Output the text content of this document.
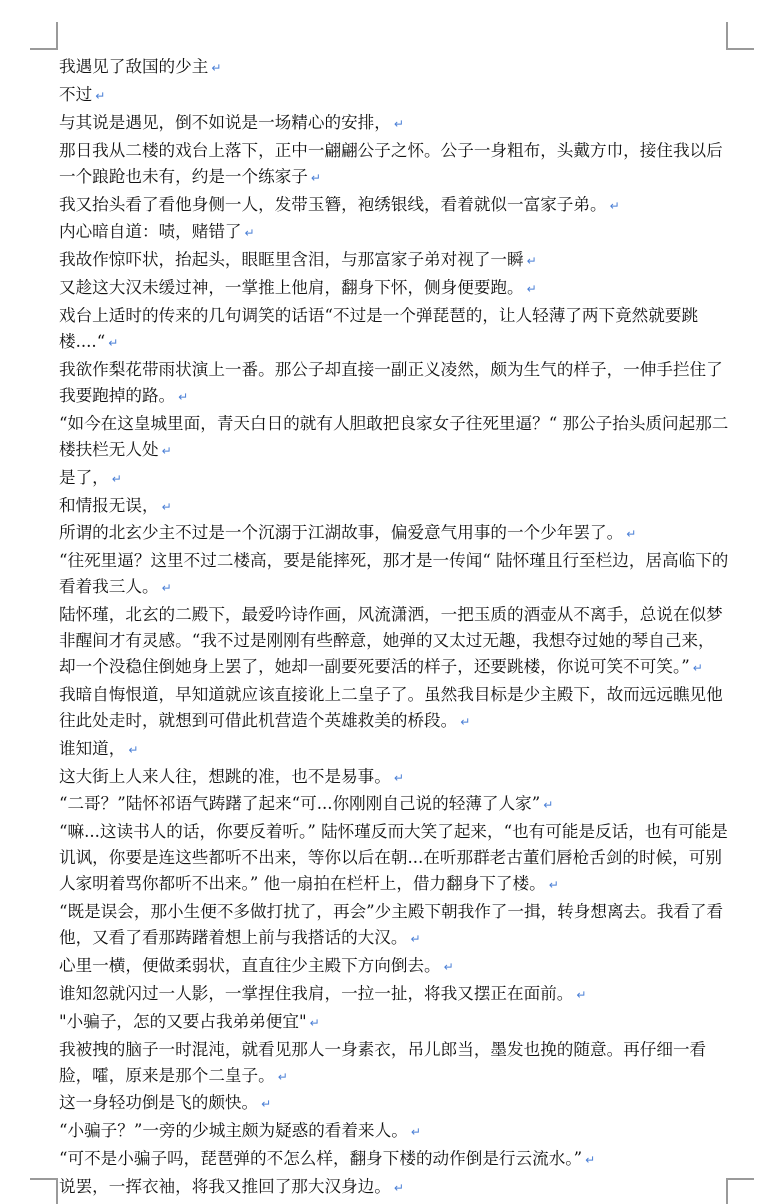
我遇见了敌国的少主 ↵

不过 ↵

与其说是遇见，倒不如说是一场精心的安排， ↵

那日我从二楼的戏台上落下，正中一翩翩公子之怀。公子一身粗布，头戴方巾，接住我以后一个踉跄也未有，约是一个练家子 ↵

我又抬头看了看他身侧一人，发带玉簪，袍绣银线，看着就似一富家子弟。 ↵

内心暗自道：啧，赌错了 ↵

我故作惊吓状，抬起头，眼眶里含泪，与那富家子弟对视了一瞬 ↵

又趁这大汉未缓过神，一掌推上他肩，翻身下怀，侧身便要跑。 ↵

戏台上适时的传来的几句调笑的话语“不过是一个弹琵琶的，让人轻薄了两下竟然就要跳楼....“ ↵

我欲作梨花带雨状演上一番。那公子却直接一副正义凌然，颇为生气的样子，一伸手拦住了我要跑掉的路。 ↵

“如今在这皇城里面，青天白日的就有人胆敢把良家女子往死里逼？“ 那公子抬头质问起那二楼扶栏无人处 ↵

是了， ↵

和情报无误， ↵

所谓的北玄少主不过是一个沉溺于江湖故事，偏爱意气用事的一个少年罢了。 ↵

“往死里逼？这里不过二楼高，要是能摔死，那才是一传闻“ 陆怀瑾且行至栏边，居高临下的看着我三人。 ↵

陆怀瑾，北玄的二殿下，最爱吟诗作画，风流潇洒，一把玉质的酒壶从不离手，总说在似梦非醒间才有灵感。“我不过是刚刚有些醉意，她弹的又太过无趣，我想夺过她的琴自己来，却一个没稳住倒她身上罢了，她却一副要死要活的样子，还要跳楼，你说可笑不可笑。” ↵

我暗自悔恨道，早知道就应该直接讹上二皇子了。虽然我目标是少主殿下，故而远远瞧见他往此处走时，就想到可借此机营造个英雄救美的桥段。 ↵

谁知道， ↵

这大街上人来人往，想跳的准，也不是易事。 ↵

“二哥？”陆怀祁语气踌躇了起来“可...你刚刚自己说的轻薄了人家” ↵

“嘛...这读书人的话，你要反着听。” 陆怀瑾反而大笑了起来，“也有可能是反话，也有可能是讥讽，你要是连这些都听不出来，等你以后在朝...在听那群老古董们唇枪舌剑的时候，可别人家明着骂你都听不出来。” 他一扇拍在栏杆上，借力翻身下了楼。 ↵

“既是误会，那小生便不多做打扰了，再会”少主殿下朝我作了一揖，转身想离去。我看了看他，又看了看那踌躇着想上前与我搭话的大汉。 ↵

心里一横，便做柔弱状，直直往少主殿下方向倒去。 ↵

谁知忽就闪过一人影，一掌捏住我肩，一拉一扯，将我又摆正在面前。 ↵

"小骗子，怎的又要占我弟弟便宜" ↵

我被拽的脑子一时混沌，就看见那人一身素衣，吊儿郎当，墨发也挽的随意。再仔细一看脸，嚯，原来是那个二皇子。 ↵

这一身轻功倒是飞的颇快。 ↵

“小骗子？”一旁的少城主颇为疑惑的看着来人。 ↵

“可不是小骗子吗，琵琶弹的不怎么样，翻身下楼的动作倒是行云流水。” ↵

说罢，一挥衣袖，将我又推回了那大汉身边。 ↵
